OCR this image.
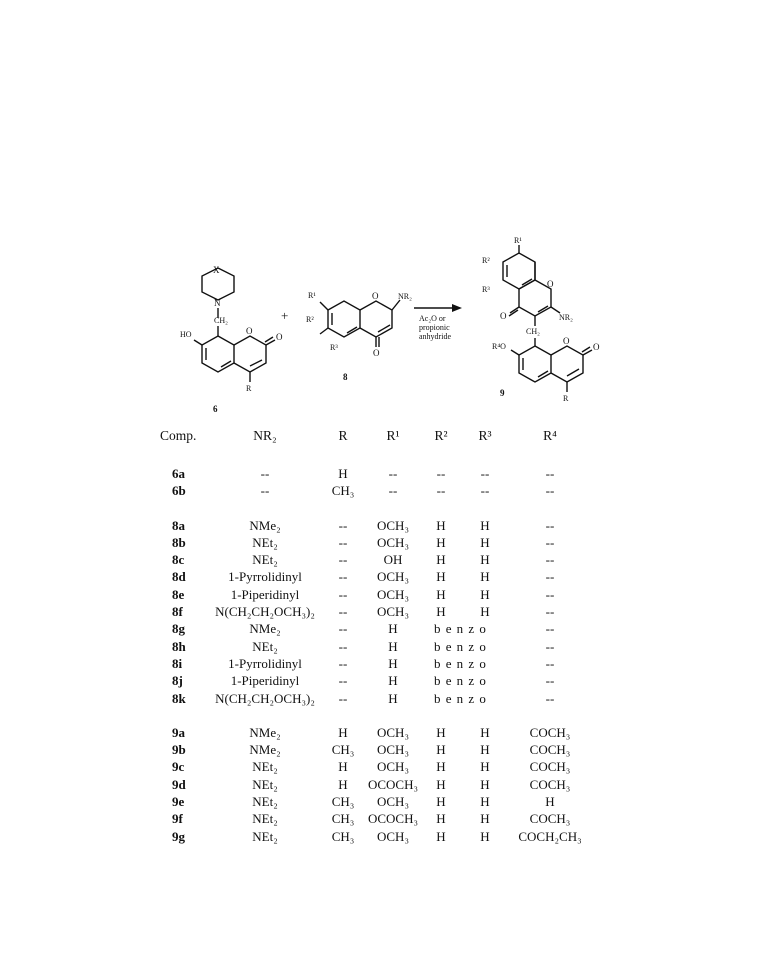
X
N
CH₂
O
O
HO
R
6
+
O
O
NR₂
R¹
R²
R³
8
Ac₂O or
propionic
anhydride
O
O	NR₂
R¹
R²
R³
CH₂
O
O
R⁴O
R
9
Comp.	NR₂	R	R¹	R²	R³	R⁴
6a	--	H	--	--	--	--
6b	--	CH₃	--	--	--	--
8a	NMe₂	--	OCH₃	H	H	--
8b	NEt₂	--	OCH₃	H	H	--
8c	NEt₂	--	OH	H	H	--
8d	1-Pyrrolidinyl	--	OCH₃	H	H	--
8e	1-Piperidinyl	--	OCH₃	H	H	--
8f	N(CH₂CH₂OCH₃)₂	--	OCH₃	H	H	--
8g	NMe₂	--	H	benzo	--
8h	NEt₂	--	H	benzo	--
8i	1-Pyrrolidinyl	--	H	benzo	--
8j	1-Piperidinyl	--	H	benzo	--
8k	N(CH₂CH₂OCH₃)₂	--	H	benzo	--
9a	NMe₂	H	OCH₃	H	H	COCH₃
9b	NMe₂	CH₃	OCH₃	H	H	COCH₃
9c	NEt₂	H	OCH₃	H	H	COCH₃
9d	NEt₂	H	OCOCH₃	H	H	COCH₃
9e	NEt₂	CH₃	OCH₃	H	H	H
9f	NEt₂	CH₃	OCOCH₃	H	H	COCH₃
9g	NEt₂	CH₃	OCH₃	H	H	COCH₂CH₃
